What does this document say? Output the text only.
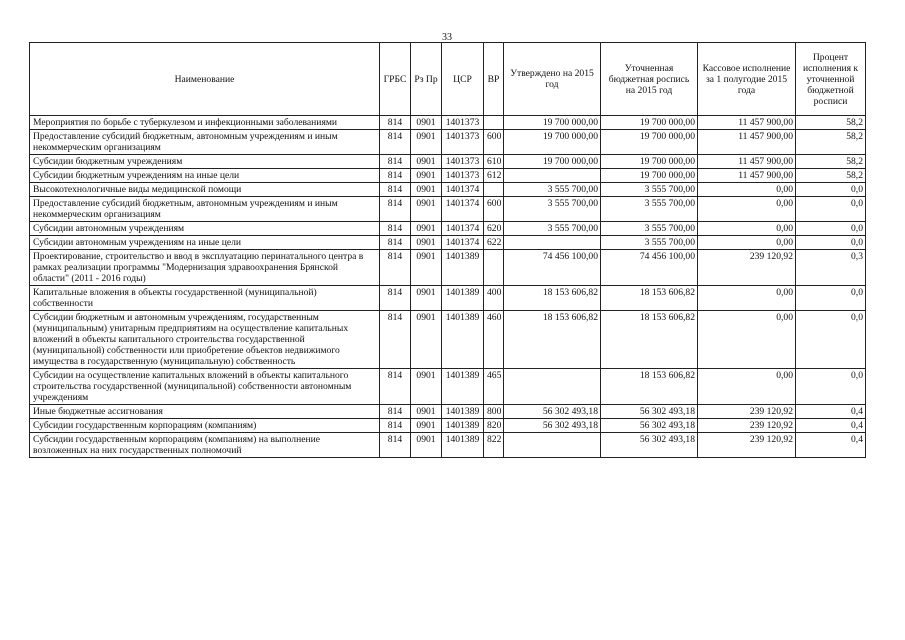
33
Наименование	ГРБС	Рз Пр	ЦСР	ВР	Утверждено на 2015 год	Уточненная бюджетная роспись на 2015 год	Кассовое исполнение за 1 полугодие 2015 года	Процент исполнения к уточненной бюджетной росписи
Мероприятия по борьбе с туберкулезом и инфекционными заболеваниями	814	0901	1401373		19 700 000,00	19 700 000,00	11 457 900,00	58,2
Предоставление субсидий бюджетным, автономным учреждениям и иным некоммерческим организациям	814	0901	1401373	600	19 700 000,00	19 700 000,00	11 457 900,00	58,2
Субсидии бюджетным учреждениям	814	0901	1401373	610	19 700 000,00	19 700 000,00	11 457 900,00	58,2
Субсидии бюджетным учреждениям на иные цели	814	0901	1401373	612		19 700 000,00	11 457 900,00	58,2
Высокотехнологичные виды медицинской помощи	814	0901	1401374		3 555 700,00	3 555 700,00	0,00	0,0
Предоставление субсидий бюджетным, автономным учреждениям и иным некоммерческим организациям	814	0901	1401374	600	3 555 700,00	3 555 700,00	0,00	0,0
Субсидии автономным учреждениям	814	0901	1401374	620	3 555 700,00	3 555 700,00	0,00	0,0
Субсидии автономным учреждениям на иные цели	814	0901	1401374	622		3 555 700,00	0,00	0,0
Проектирование, строительство и ввод в эксплуатацию перинатального центра в рамках реализации программы "Модернизация здравоохранения Брянской области" (2011 - 2016 годы)	814	0901	1401389		74 456 100,00	74 456 100,00	239 120,92	0,3
Капитальные вложения в объекты государственной (муниципальной) собственности	814	0901	1401389	400	18 153 606,82	18 153 606,82	0,00	0,0
Субсидии бюджетным и автономным учреждениям, государственным (муниципальным) унитарным предприятиям на осуществление капитальных вложений в объекты капитального строительства государственной (муниципальной) собственности или приобретение объектов недвижимого имущества в государственную (муниципальную) собственность	814	0901	1401389	460	18 153 606,82	18 153 606,82	0,00	0,0
Субсидии на осуществление капитальных вложений в объекты капитального строительства государственной (муниципальной) собственности автономным учреждениям	814	0901	1401389	465		18 153 606,82	0,00	0,0
Иные бюджетные ассигнования	814	0901	1401389	800	56 302 493,18	56 302 493,18	239 120,92	0,4
Субсидии государственным корпорациям (компаниям)	814	0901	1401389	820	56 302 493,18	56 302 493,18	239 120,92	0,4
Субсидии государственным корпорациям (компаниям) на выполнение возложенных на них государственных полномочий	814	0901	1401389	822		56 302 493,18	239 120,92	0,4
